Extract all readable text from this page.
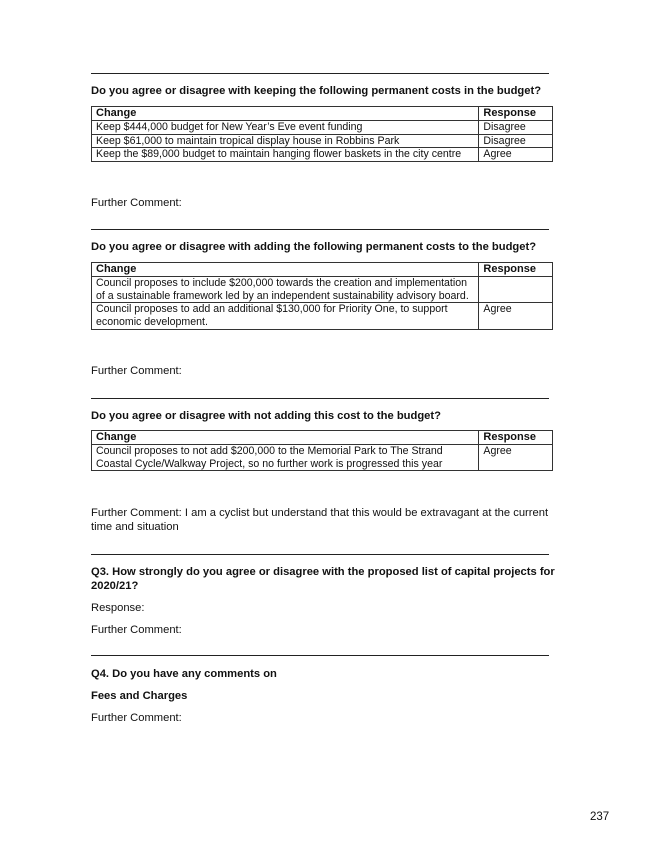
Do you agree or disagree with keeping the following permanent costs in the budget?

Change	Response
Keep $444,000 budget for New Year’s Eve event funding	Disagree
Keep $61,000 to maintain tropical display house in Robbins Park	Disagree
Keep the $89,000 budget to maintain hanging flower baskets in the city centre	Agree
Further Comment:

Do you agree or disagree with adding the following permanent costs to the budget?

Change	Response
Council proposes to include $200,000 towards the creation and implementation of a sustainable framework led by an independent sustainability advisory board.	
Council proposes to add an additional $130,000 for Priority One, to support economic development.	Agree
Further Comment:

Do you agree or disagree with not adding this cost to the budget?

Change	Response
Council proposes to not add $200,000 to the Memorial Park to The Strand Coastal Cycle/Walkway Project, so no further work is progressed this year	Agree
Further Comment: I am a cyclist but understand that this would be extravagant at the current time and situation

Q3. How strongly do you agree or disagree with the proposed list of capital projects for 2020/21?

Response:
Further Comment:

Q4. Do you have any comments on

Fees and Charges

Further Comment:
237
